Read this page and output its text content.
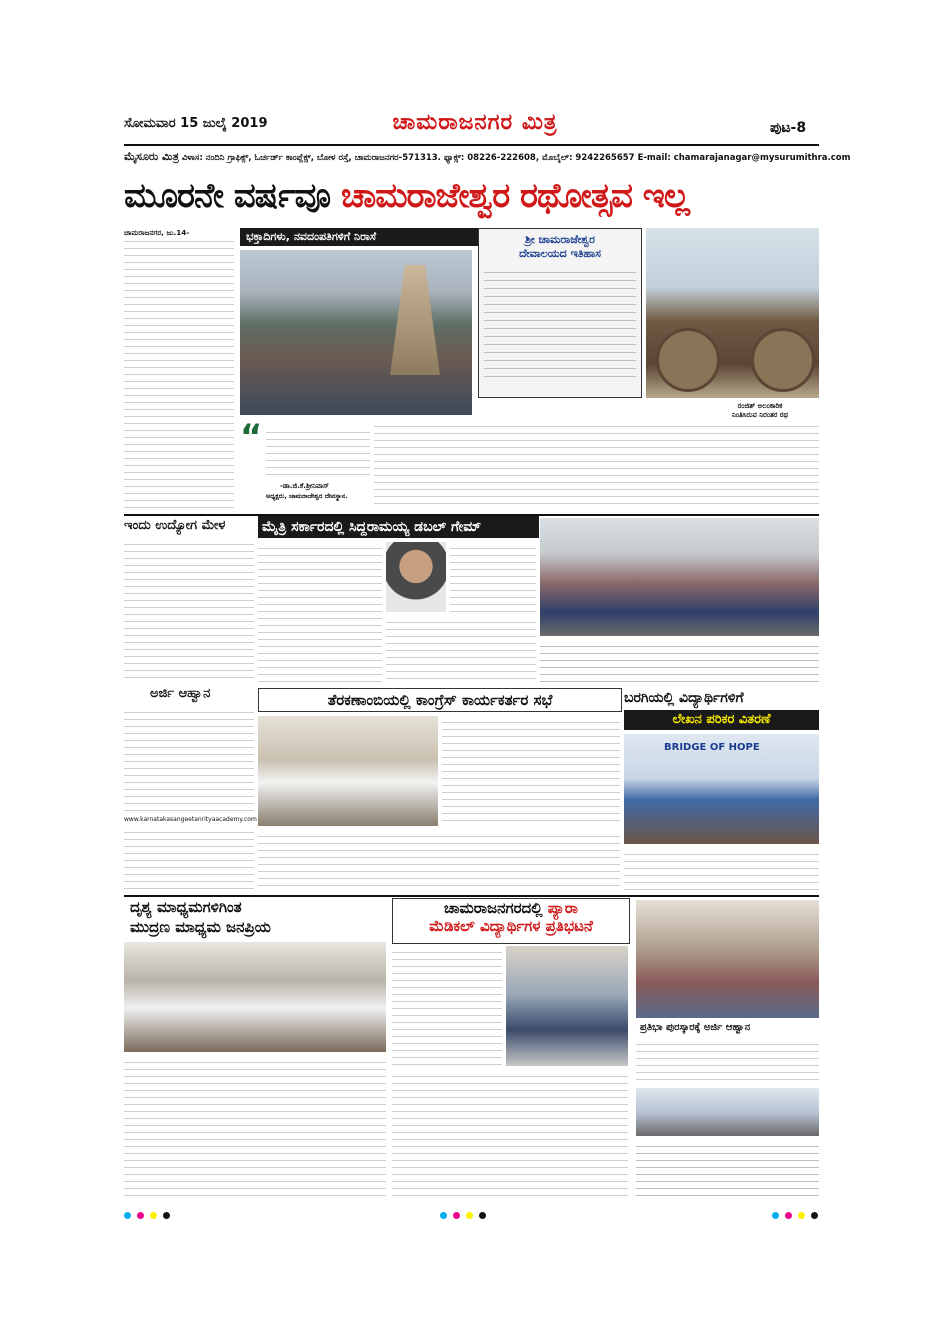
ಸೋಮವಾರ 15 ಜುಲೈ 2019	ಚಾಮರಾಜನಗರ ಮಿತ್ರ	ಪುಟ-8
ಮೈಸೂರು ಮಿತ್ರ ವಿಳಾಸ: ನಂದಿನಿ ಗ್ರಾಫಿಕ್ಸ್, ಓರ್ಚರ್ಡ್ ಕಾಂಪ್ಲೆಕ್ಸ್, ಬೋಳ ರಸ್ತೆ, ಚಾಮರಾಜನಗರ-571313. ಫ್ಯಾಕ್ಸ್: 08226-222608, ಮೊಬೈಲ್: 9242265657 E-mail: chamarajanagar@mysurumithra.com
ಮೂರನೇ ವರ್ಷವೂ ಚಾಮರಾಜೇಶ್ವರ ರಥೋತ್ಸವ ಇಲ್ಲ
ಚಾಮರಾಜನಗರ, ಜು.14-	ಭಕ್ತಾದಿಗಳು, ನವದಂಪತಿಗಳಿಗೆ ನಿರಾಸೆ	ಶ್ರೀ ಚಾಮರಾಜೇಶ್ವರ
ದೇವಾಲಯದ ಇತಿಹಾಸ
ರಂಜಿತ್ ಅಲಂಕಾರಿಕ
ನಿಂತಿಸಿರುವ ನಿರಂತರ ರಥ
“
-ಡಾ.ಜಿ.ಕೆ.ಶ್ರೀನಿವಾಸ್
ಅಧ್ಯಕ್ಷರು, ಚಾಮರಾಜೇಶ್ವರ ದೇವಸ್ಥಾನ.
ಇಂದು ಉದ್ಯೋಗ ಮೇಳ	ಮೈತ್ರಿ ಸರ್ಕಾರದಲ್ಲಿ ಸಿದ್ದರಾಮಯ್ಯ ಡಬಲ್ ಗೇಮ್
ಅರ್ಜಿ ಆಹ್ವಾನ
www.karnatakasangeetanrityaacademy.com
ತೆರಕಣಾಂಬಿಯಲ್ಲಿ ಕಾಂಗ್ರೆಸ್ ಕಾರ್ಯಕರ್ತರ ಸಭೆ	ಬರಗಿಯಲ್ಲಿ ವಿದ್ಯಾರ್ಥಿಗಳಿಗೆ
ಲೇಖನ ಪರಿಕರ ವಿತರಣೆ
BRIDGE OF HOPE
ದೃಶ್ಯ ಮಾಧ್ಯಮಗಳಿಗಿಂತ
ಮುದ್ರಣ ಮಾಧ್ಯಮ ಜನಪ್ರಿಯ
ಚಾಮರಾಜನಗರದಲ್ಲಿ ಪ್ಯಾರಾ
ಮೆಡಿಕಲ್ ವಿದ್ಯಾರ್ಥಿಗಳ ಪ್ರತಿಭಟನೆ
ಪ್ರತಿಭಾ ಪುರಸ್ಕಾರಕ್ಕೆ ಅರ್ಜಿ ಆಹ್ವಾನ
